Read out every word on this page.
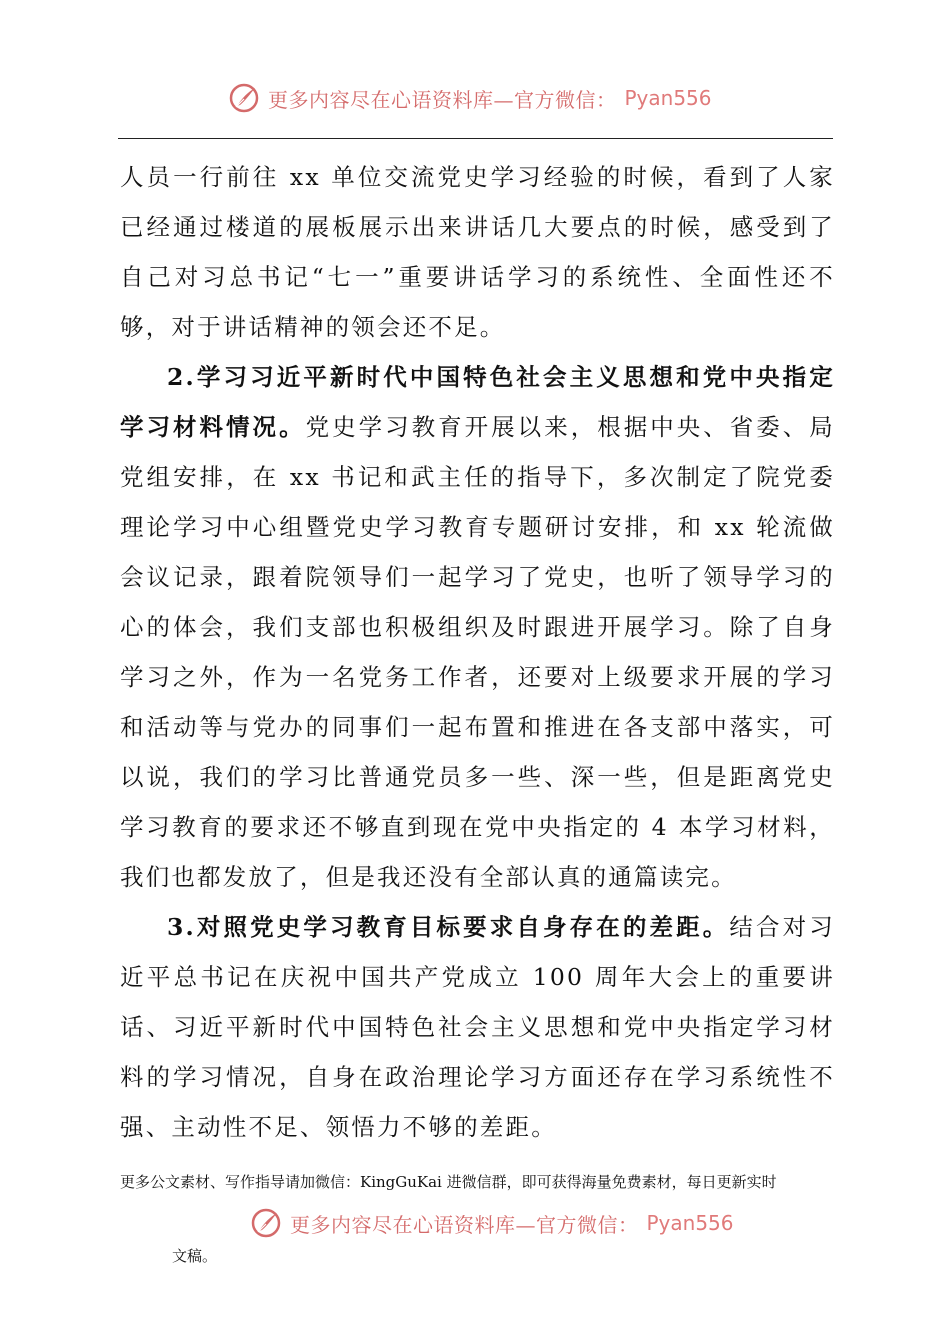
更多内容尽在心语资料库—官方微信： Pyan556

人员一行前往 xx 单位交流党史学习经验的时候，看到了人家已经通过楼道的展板展示出来讲话几大要点的时候，感受到了自己对习总书记“七一”重要讲话学习的系统性、全面性还不够，对于讲话精神的领会还不足。

2.学习习近平新时代中国特色社会主义思想和党中央指定学习材料情况。党史学习教育开展以来，根据中央、省委、局党组安排，在 xx 书记和武主任的指导下，多次制定了院党委理论学习中心组暨党史学习教育专题研讨安排，和 xx 轮流做会议记录，跟着院领导们一起学习了党史，也听了领导学习的心的体会，我们支部也积极组织及时跟进开展学习。除了自身学习之外，作为一名党务工作者，还要对上级要求开展的学习和活动等与党办的同事们一起布置和推进在各支部中落实，可以说，我们的学习比普通党员多一些、深一些，但是距离党史学习教育的要求还不够直到现在党中央指定的 4 本学习材料，我们也都发放了，但是我还没有全部认真的通篇读完。

3.对照党史学习教育目标要求自身存在的差距。结合对习近平总书记在庆祝中国共产党成立 100 周年大会上的重要讲话、习近平新时代中国特色社会主义思想和党中央指定学习材料的学习情况，自身在政治理论学习方面还存在学习系统性不强、主动性不足、领悟力不够的差距。

更多公文素材、写作指导请加微信：KingGuKai 进微信群，即可获得海量免费素材，每日更新实时
更多内容尽在心语资料库—官方微信： Pyan556
文稿。
